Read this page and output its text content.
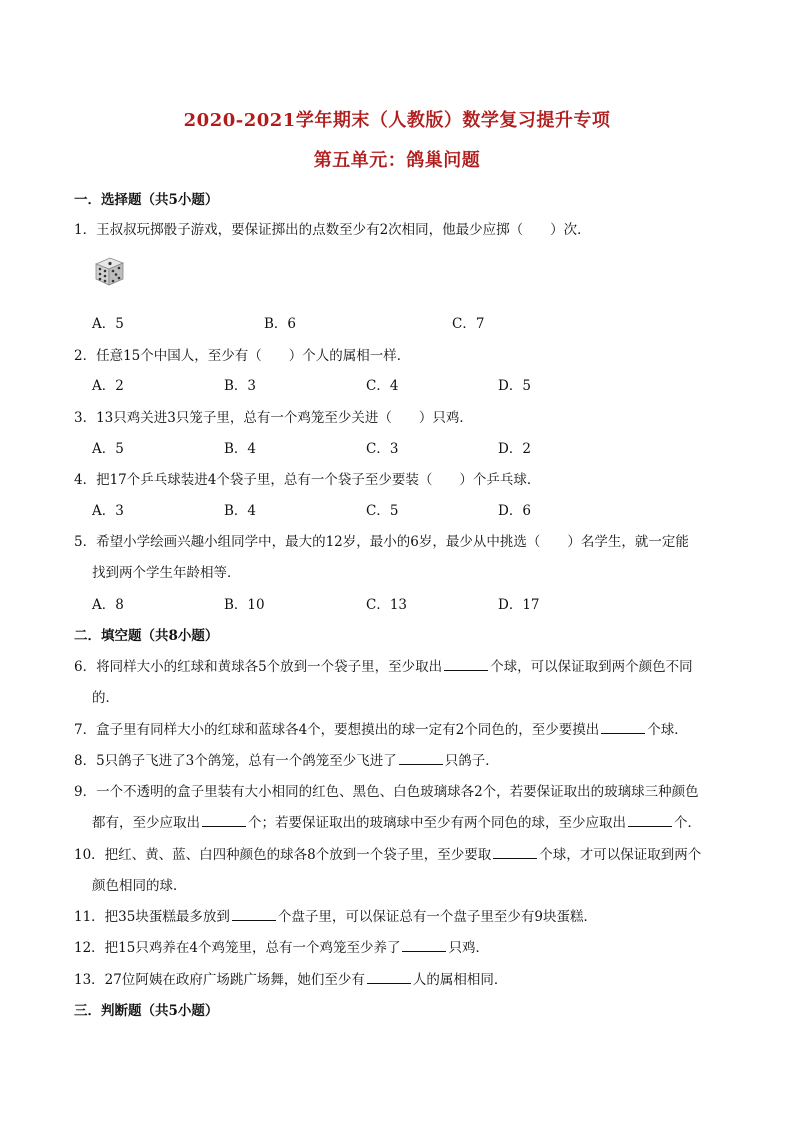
2020-2021学年期末（人教版）数学复习提升专项
第五单元：鸽巢问题
一．选择题（共5小题）
1．王叔叔玩掷骰子游戏，要保证掷出的点数至少有2次相同，他最少应掷（　　）次．
A．5	B．6	C．7
2．任意15个中国人，至少有（　　）个人的属相一样．
A．2	B．3	C．4	D．5
3．13只鸡关进3只笼子里，总有一个鸡笼至少关进（　　）只鸡．
A．5	B．4	C．3	D．2
4．把17个乒乓球装进4个袋子里，总有一个袋子至少要装（　　）个乒乓球．
A．3	B．4	C．5	D．6
5．希望小学绘画兴趣小组同学中，最大的12岁，最小的6岁，最少从中挑选（　　）名学生，就一定能
找到两个学生年龄相等．
A．8	B．10	C．13	D．17
二．填空题（共8小题）
6．将同样大小的红球和黄球各5个放到一个袋子里，至少取出	个球，可以保证取到两个颜色不同
的．
7．盒子里有同样大小的红球和蓝球各4个，要想摸出的球一定有2个同色的，至少要摸出	个球．
8．5只鸽子飞进了3个鸽笼，总有一个鸽笼至少飞进了	只鸽子．
9．一个不透明的盒子里装有大小相同的红色、黑色、白色玻璃球各2个，若要保证取出的玻璃球三种颜色
都有，至少应取出	个；若要保证取出的玻璃球中至少有两个同色的球，至少应取出	个．
10．把红、黄、蓝、白四种颜色的球各8个放到一个袋子里，至少要取	个球，才可以保证取到两个
颜色相同的球．
11．把35块蛋糕最多放到	个盘子里，可以保证总有一个盘子里至少有9块蛋糕．
12．把15只鸡养在4个鸡笼里，总有一个鸡笼至少养了	只鸡．
13．27位阿姨在政府广场跳广场舞，她们至少有	人的属相相同．
三．判断题（共5小题）
